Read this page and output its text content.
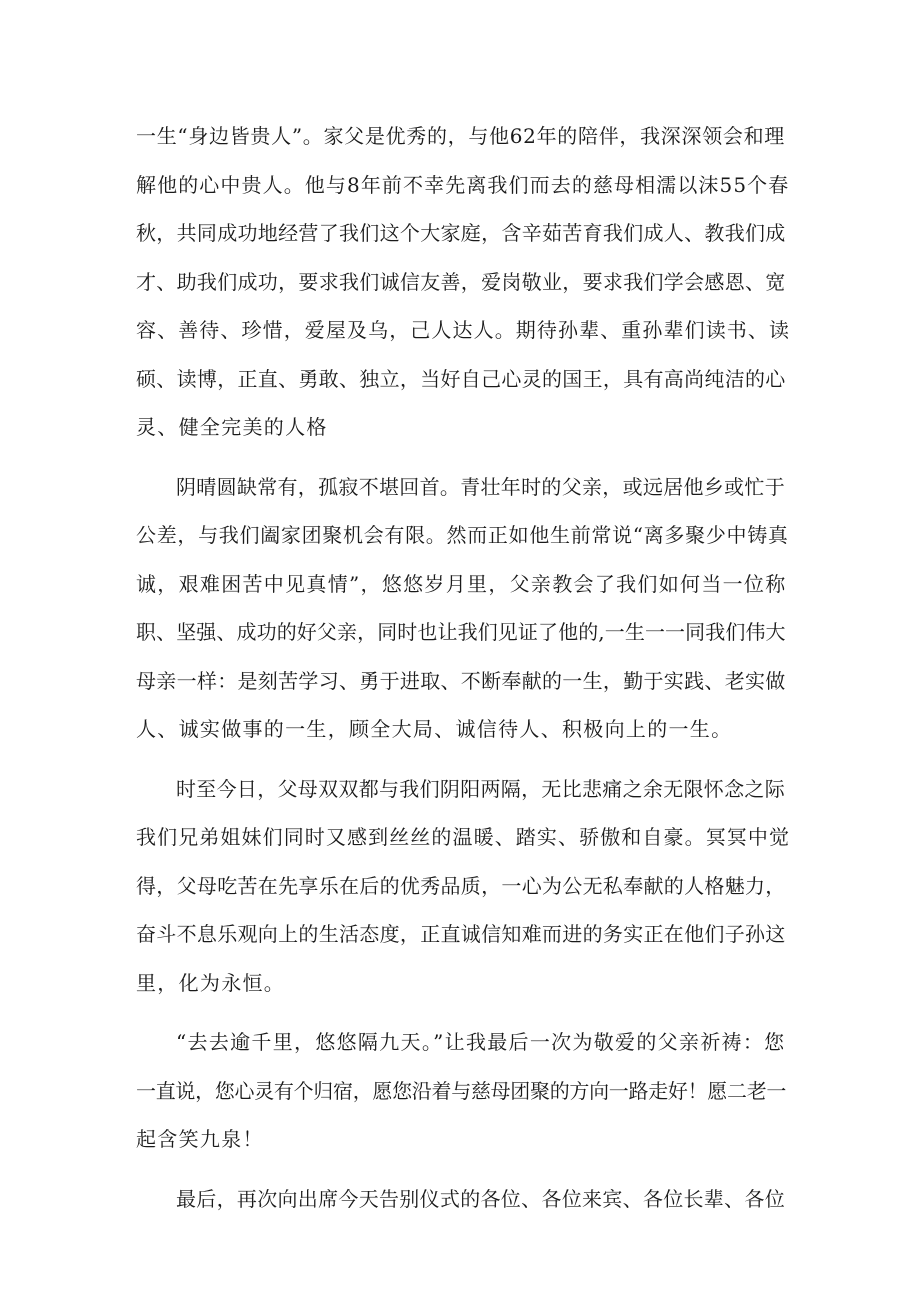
一生“身边皆贵人”。家父是优秀的，与他62年的陪伴，我深深领会和理
解他的心中贵人。他与8年前不幸先离我们而去的慈母相濡以沫55个春
秋，共同成功地经营了我们这个大家庭，含辛茹苦育我们成人、教我们成
才、助我们成功，要求我们诚信友善，爱岗敬业，要求我们学会感恩、宽
容、善待、珍惜，爱屋及乌，己人达人。期待孙辈、重孙辈们读书、读
硕、读博，正直、勇敢、独立，当好自己心灵的国王，具有高尚纯洁的心
灵、健全完美的人格
阴晴圆缺常有，孤寂不堪回首。青壮年时的父亲，或远居他乡或忙于
公差，与我们阖家团聚机会有限。然而正如他生前常说“离多聚少中铸真
诚，艰难困苦中见真情”，悠悠岁月里，父亲教会了我们如何当一位称
职、坚强、成功的好父亲，同时也让我们见证了他的,一生一一同我们伟大
母亲一样：是刻苦学习、勇于进取、不断奉献的一生，勤于实践、老实做
人、诚实做事的一生，顾全大局、诚信待人、积极向上的一生。
时至今日，父母双双都与我们阴阳两隔，无比悲痛之余无限怀念之际
我们兄弟姐妹们同时又感到丝丝的温暖、踏实、骄傲和自豪。冥冥中觉
得，父母吃苦在先享乐在后的优秀品质，一心为公无私奉献的人格魅力，
奋斗不息乐观向上的生活态度，正直诚信知难而进的务实正在他们子孙这
里，化为永恒。
“去去逾千里，悠悠隔九天。”让我最后一次为敬爱的父亲祈祷：您
一直说，您心灵有个归宿，愿您沿着与慈母团聚的方向一路走好！愿二老一
起含笑九泉！
最后，再次向出席今天告别仪式的各位、各位来宾、各位长辈、各位
